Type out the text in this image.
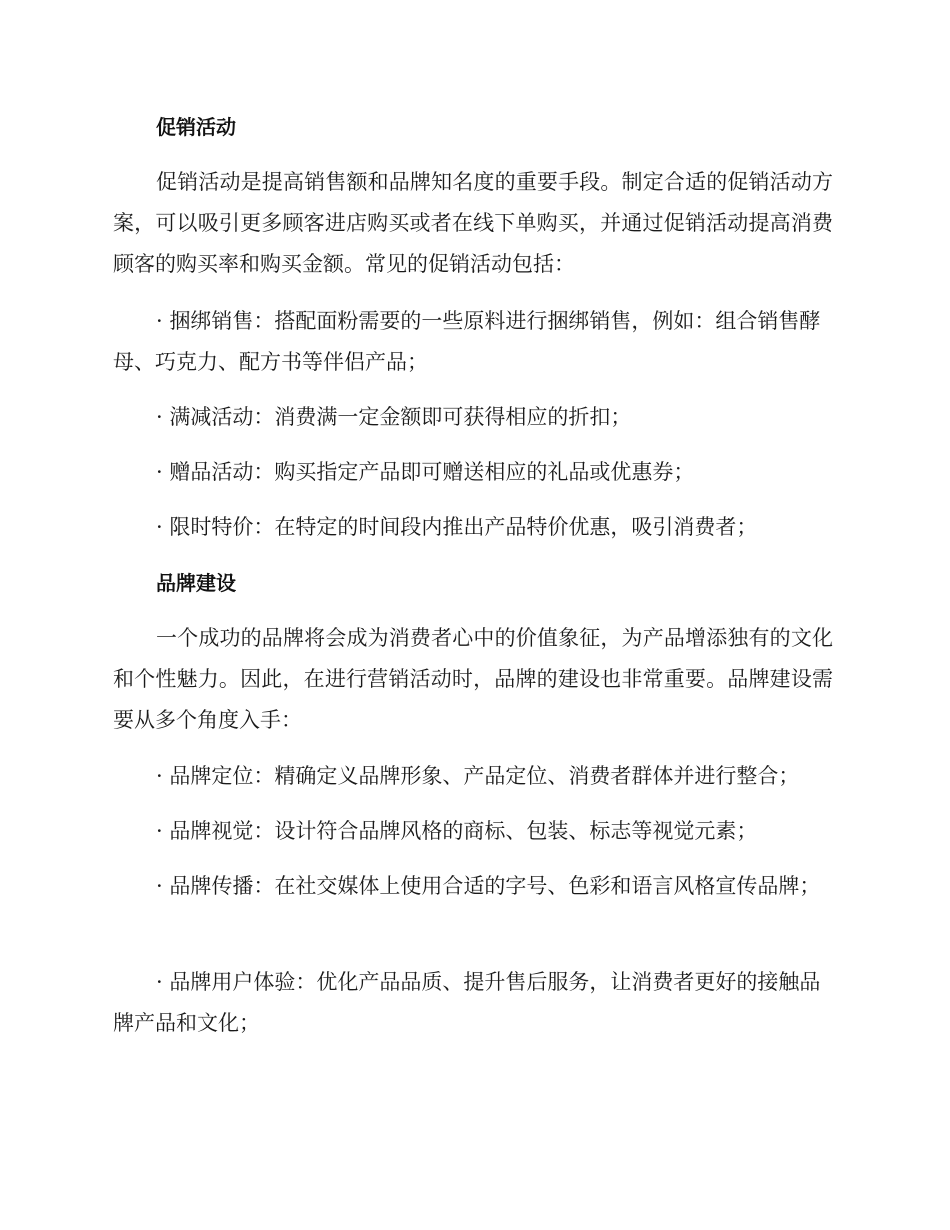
促销活动
促销活动是提高销售额和品牌知名度的重要手段。制定合适的促销活动方案，可以吸引更多顾客进店购买或者在线下单购买，并通过促销活动提高消费顾客的购买率和购买金额。常见的促销活动包括：
· 捆绑销售：搭配面粉需要的一些原料进行捆绑销售，例如：组合销售酵母、巧克力、配方书等伴侣产品；
· 满减活动：消费满一定金额即可获得相应的折扣；
· 赠品活动：购买指定产品即可赠送相应的礼品或优惠券；
· 限时特价：在特定的时间段内推出产品特价优惠，吸引消费者；
品牌建设
一个成功的品牌将会成为消费者心中的价值象征，为产品增添独有的文化和个性魅力。因此，在进行营销活动时，品牌的建设也非常重要。品牌建设需要从多个角度入手：
· 品牌定位：精确定义品牌形象、产品定位、消费者群体并进行整合；
· 品牌视觉：设计符合品牌风格的商标、包装、标志等视觉元素；
· 品牌传播：在社交媒体上使用合适的字号、色彩和语言风格宣传品牌；
· 品牌用户体验：优化产品品质、提升售后服务，让消费者更好的接触品牌产品和文化；
